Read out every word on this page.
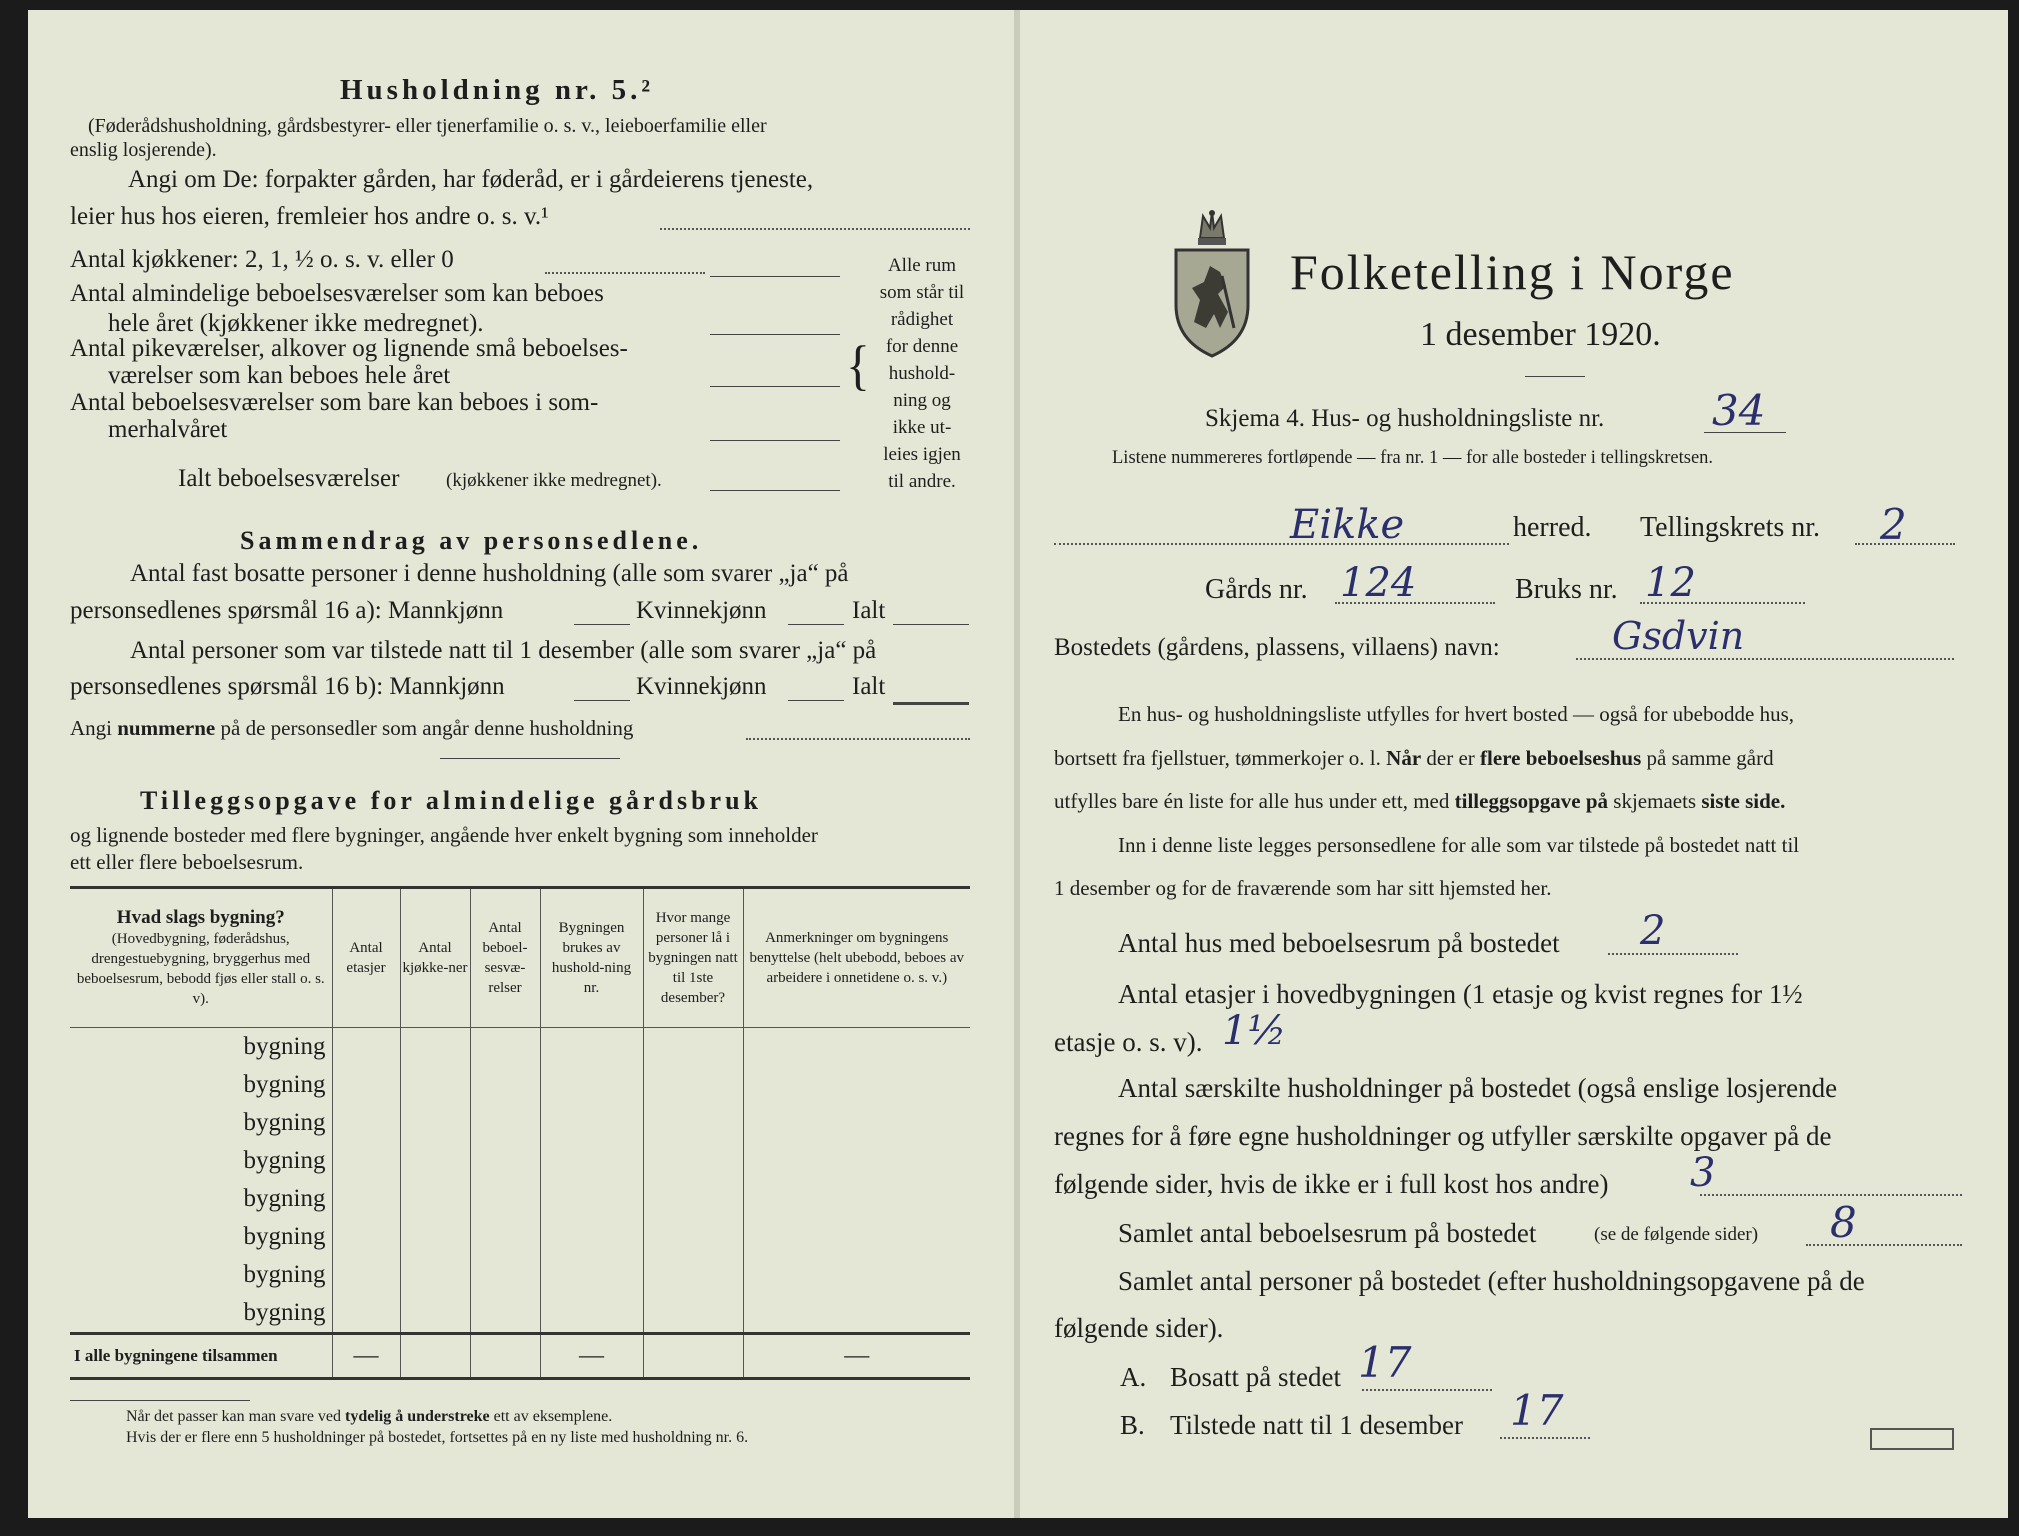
Husholdning nr. 5.²
(Føderådshusholdning, gårdsbestyrer- eller tjenerfamilie o. s. v., leieboerfamilie eller
enslig losjerende).
Angi om De: forpakter gården, har føderåd, er i gårdeierens tjeneste,
leier hus hos eieren, fremleier hos andre o. s. v.¹
Antal kjøkkener: 2, 1, ½ o. s. v. eller 0
Antal almindelige beboelsesværelser som kan beboes
hele året (kjøkkener ikke medregnet).
Antal pikeværelser, alkover og lignende små beboelses-
værelser som kan beboes hele året
Antal beboelsesværelser som bare kan beboes i som-
merhalvåret
Ialt beboelsesværelser (kjøkkener ikke medregnet).
{
Alle rum
som står til
rådighet
for denne
hushold-
ning og
ikke ut-
leies igjen
til andre.
Sammendrag av personsedlene.
Antal fast bosatte personer i denne husholdning (alle som svarer „ja“ på
personsedlenes spørsmål 16 a): Mannkjønn	Kvinnekjønn	Ialt
Antal personer som var tilstede natt til 1 desember (alle som svarer „ja“ på
personsedlenes spørsmål 16 b): Mannkjønn	Kvinnekjønn	Ialt
Angi nummerne på de personsedler som angår denne husholdning
Tilleggsopgave for almindelige gårdsbruk
og lignende bosteder med flere bygninger, angående hver enkelt bygning som inneholder
ett eller flere beboelsesrum.
Hvad slags bygning?
(Hovedbygning, føderådshus, drengestuebygning, bryggerhus med beboelsesrum, bebodd fjøs eller stall o. s. v).	Antal etasjer	Antal kjøkke-ner	Antal beboel-sesvæ-relser	Bygningen brukes av hushold-ning nr.	Hvor mange personer lå i bygningen natt til 1ste desember?	Anmerkninger om bygningens benyttelse (helt ubebodd, beboes av arbeidere i onnetidene o. s. v.)
bygning						
bygning						
bygning						
bygning						
bygning						
bygning						
bygning						
bygning						
I alle bygningene tilsammen	—			—		—
Når det passer kan man svare ved tydelig å understreke ett av eksemplene.
Hvis der er flere enn 5 husholdninger på bostedet, fortsettes på en ny liste med husholdning nr. 6.
Folketelling i Norge
1 desember 1920.
Skjema 4. Hus- og husholdningsliste nr.	34
Listene nummereres fortløpende — fra nr. 1 — for alle bosteder i tellingskretsen.
Eikke	herred. Tellingskrets nr. 2
Gårds nr. 124	Bruks nr. 12
Bostedets (gårdens, plassens, villaens) navn:	Gsdvin
En hus- og husholdningsliste utfylles for hvert bosted — også for ubebodde hus,
bortsett fra fjellstuer, tømmerkojer o. l. Når der er flere beboelseshus på samme gård
utfylles bare én liste for alle hus under ett, med tilleggsopgave på skjemaets siste side.
Inn i denne liste legges personsedlene for alle som var tilstede på bostedet natt til
1 desember og for de fraværende som har sitt hjemsted her.
Antal hus med beboelsesrum på bostedet 2
Antal etasjer i hovedbygningen (1 etasje og kvist regnes for 1½
etasje o. s. v). 1½
Antal særskilte husholdninger på bostedet (også enslige losjerende
regnes for å føre egne husholdninger og utfyller særskilte opgaver på de
følgende sider, hvis de ikke er i full kost hos andre) 3
Samlet antal beboelsesrum på bostedet	(se de følgende sider) 8
Samlet antal personer på bostedet (efter husholdningsopgavene på de
følgende sider).
A. Bosatt på stedet 17
B. Tilstede natt til 1 desember 17
